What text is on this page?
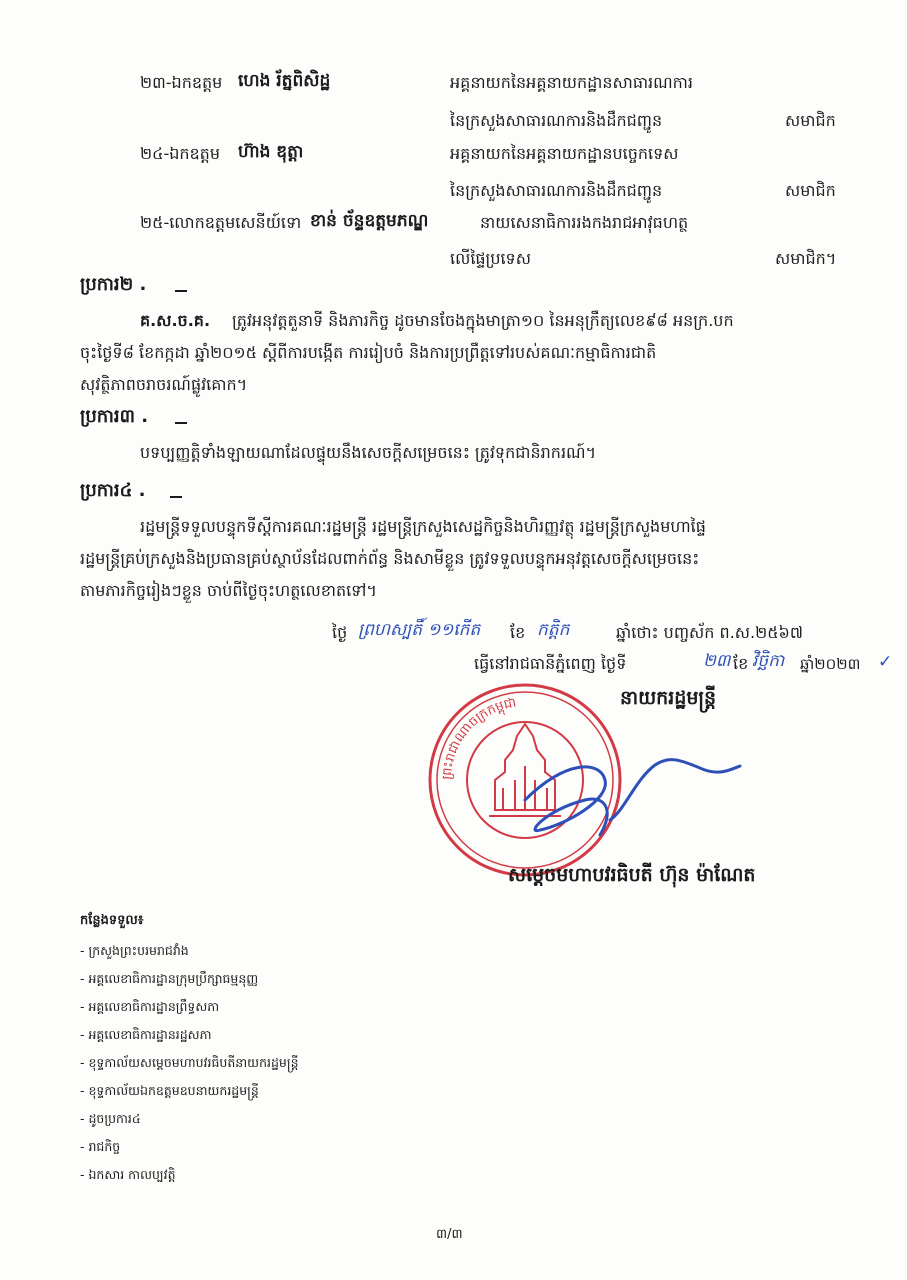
២៣-ឯកឧត្តម ហេង រ័ត្នពិសិដ្ឋ	អគ្គនាយកនៃអគ្គនាយកដ្ឋានសាធារណការ
នៃក្រសួងសាធារណការនិងដឹកជញ្ជូន	សមាជិក
២៤-ឯកឧត្តម ហ៊ាង ឌុត្តា	អគ្គនាយកនៃអគ្គនាយកដ្ឋានបច្ចេកទេស
នៃក្រសួងសាធារណការនិងដឹកជញ្ជូន	សមាជិក
២៥-លោកឧត្តមសេនីយ៍ទោ ខាន់ ច័ន្ទឧត្តមភណ្ឌ	នាយសេនាធិការរងកងរាជអាវុធហត្ថ
លើផ្ទៃប្រទេស	សមាជិក។
ប្រការ២ .
គ.ស.ច.គ. ត្រូវអនុវត្តតួនាទី និងភារកិច្ច ដូចមានចែងក្នុងមាត្រា១០ នៃអនុក្រឹត្យលេខ៩៨ អនក្រ.បក
ចុះថ្ងៃទី៨ ខែកក្កដា ឆ្នាំ២០១៥ ស្ដីពីការបង្កើត ការរៀបចំ និងការប្រព្រឹត្តទៅរបស់គណៈកម្មាធិការជាតិ
សុវត្ថិភាពចរាចរណ៍ផ្លូវគោក។
ប្រការ៣ .
បទប្បញ្ញត្តិទាំងឡាយណាដែលផ្ទុយនឹងសេចក្ដីសម្រេចនេះ ត្រូវទុកជានិរាករណ៍។
ប្រការ៤ .
រដ្ឋមន្ត្រីទទួលបន្ទុកទីស្ដីការគណៈរដ្ឋមន្ត្រី រដ្ឋមន្ត្រីក្រសួងសេដ្ឋកិច្ចនិងហិរញ្ញវត្ថុ រដ្ឋមន្ត្រីក្រសួងមហាផ្ទៃ
រដ្ឋមន្ត្រីគ្រប់ក្រសួងនិងប្រធានគ្រប់ស្ថាប័នដែលពាក់ព័ន្ធ និងសាមីខ្លួន ត្រូវទទួលបន្ទុកអនុវត្តសេចក្ដីសម្រេចនេះ
តាមភារកិច្ចរៀងៗខ្លួន ចាប់ពីថ្ងៃចុះហត្ថលេខាតទៅ។
ថ្ងៃ ព្រហស្បតិ៍ ១១កើត ខែ កត្ដិក	ឆ្នាំថោះ បញ្ចស័ក ព.ស.២៥៦៧
ធ្វើនៅរាជធានីភ្នំពេញ ថ្ងៃទី	២៣ ខែ វិច្ឆិកា
ព្រះរាជាណាចក្រកម្ពុជា	នាយករដ្ឋមន្ត្រី
សម្ដេចមហាបវរធិបតី ហ៊ុន ម៉ាណែត
កន្លែងទទួល៖
- ក្រសួងព្រះបរមរាជវាំង
- អគ្គលេខាធិការដ្ឋានក្រុមប្រឹក្សាធម្មនុញ្ញ
- អគ្គលេខាធិការដ្ឋានព្រឹទ្ធសភា
- អគ្គលេខាធិការដ្ឋានរដ្ឋសភា
- ខុទ្ទកាល័យសម្ដេចមហាបវរធិបតីនាយករដ្ឋមន្ត្រី
- ខុទ្ទកាល័យឯកឧត្តមឧបនាយករដ្ឋមន្ត្រី
- ដូចប្រការ៤
- រាជកិច្ច
- ឯកសារ កាលប្បវត្តិ
៣/៣
ឆ្នាំ២០២៣ ✓
